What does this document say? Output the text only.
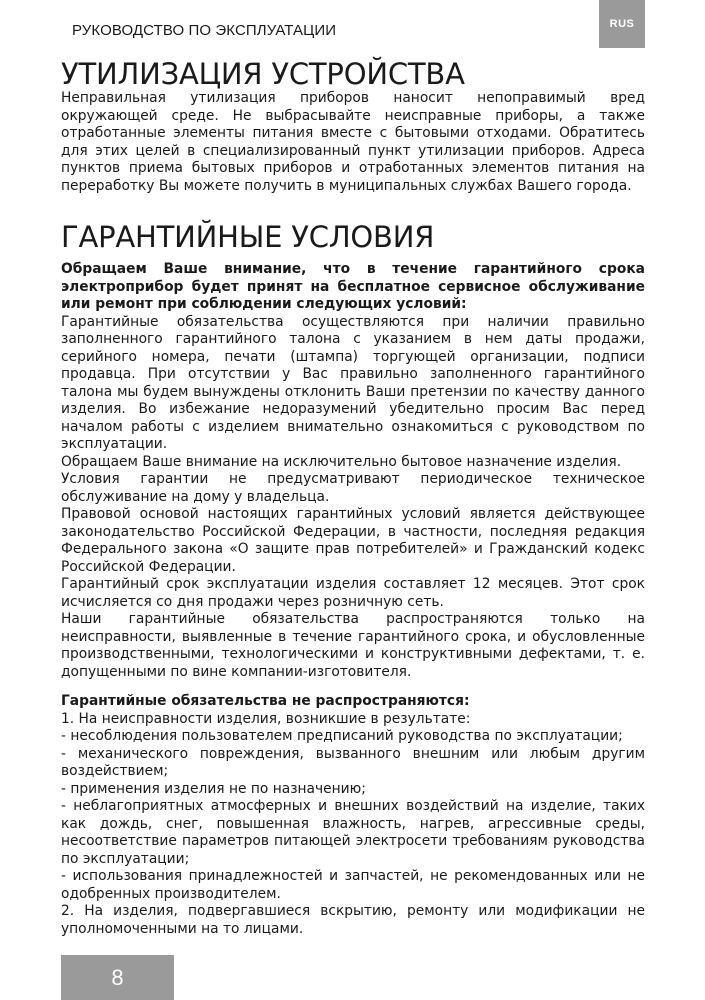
РУКОВОДСТВО ПО ЭКСПЛУАТАЦИИ	RUS
УТИЛИЗАЦИЯ УСТРОЙСТВА

Неправильная утилизация приборов наносит непоправимый вред окружающей среде. Не выбрасывайте неисправные приборы, а также отработанные элементы питания вместе с бытовыми отходами. Обратитесь для этих целей в специализированный пункт утилизации приборов. Адреса пунктов приема бытовых приборов и отработанных элементов питания на переработку Вы можете получить в муниципальных службах Вашего города.

ГАРАНТИЙНЫЕ УСЛОВИЯ

Обращаем Ваше внимание, что в течение гарантийного срока электроприбор будет принят на бесплатное сервисное обслуживание или ремонт при соблюдении следующих условий:

Гарантийные обязательства осуществляются при наличии правильно заполненного гарантийного талона с указанием в нем даты продажи, серийного номера, печати (штампа) торгующей организации, подписи продавца. При отсутствии у Вас правильно заполненного гарантийного талона мы будем вынуждены отклонить Ваши претензии по качеству данного изделия. Во избежание недоразумений убедительно просим Вас перед началом работы с изделием внимательно ознакомиться с руководством по эксплуатации.

Обращаем Ваше внимание на исключительно бытовое назначение изделия.

Условия гарантии не предусматривают периодическое техническое обслуживание на дому у владельца.

Правовой основой настоящих гарантийных условий является действующее законодательство Российской Федерации, в частности, последняя редакция Федерального закона «О защите прав потребителей» и Гражданский кодекс Российской Федерации.

Гарантийный срок эксплуатации изделия составляет 12 месяцев. Этот срок исчисляется со дня продажи через розничную сеть.

Наши гарантийные обязательства распространяются только на неисправности, выявленные в течение гарантийного срока, и обусловленные производственными, технологическими и конструктивными дефектами, т. е. допущенными по вине компании-изготовителя.

Гарантийные обязательства не распространяются:

1. На неисправности изделия, возникшие в результате:

- несоблюдения пользователем предписаний руководства по эксплуатации;

- механического повреждения, вызванного внешним или любым другим воздействием;

- применения изделия не по назначению;

- неблагоприятных атмосферных и внешних воздействий на изделие, таких как дождь, снег, повышенная влажность, нагрев, агрессивные среды, несоответствие параметров питающей электросети требованиям руководства по эксплуатации;

- использования принадлежностей и запчастей, не рекомендованных или не одобренных производителем.

2. На изделия, подвергавшиеся вскрытию, ремонту или модификации не уполномоченными на то лицами.

8
